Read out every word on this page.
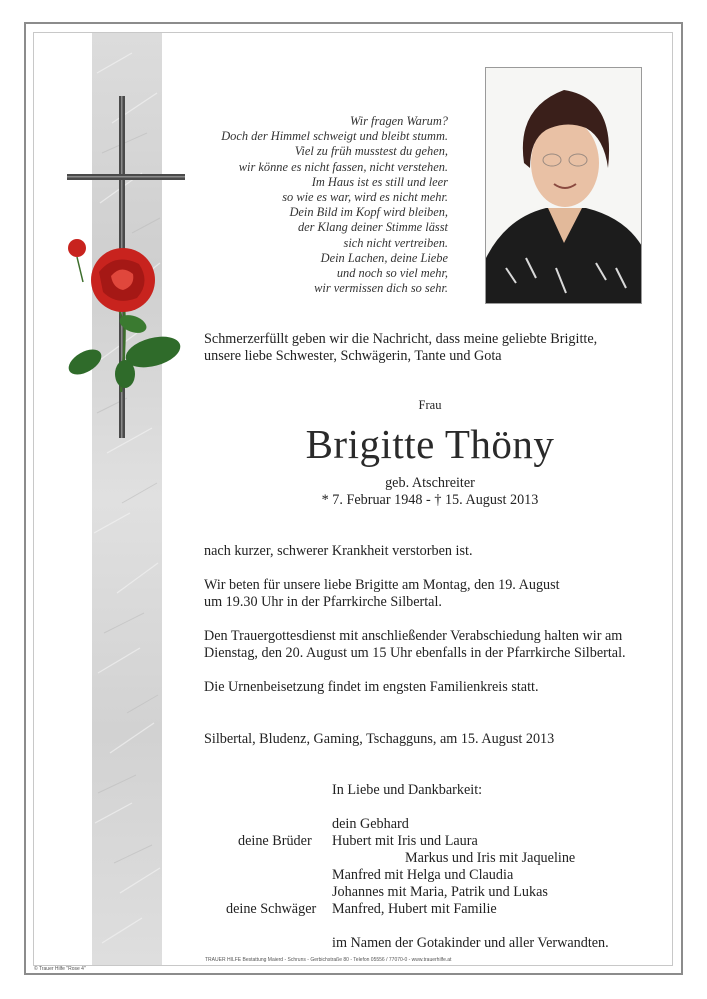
Wir fragen Warum?
Doch der Himmel schweigt und bleibt stumm.
Viel zu früh musstest du gehen,
wir könne es nicht fassen, nicht verstehen.
Im Haus ist es still und leer
so wie es war, wird es nicht mehr.
Dein Bild im Kopf wird bleiben,
der Klang deiner Stimme lässt
sich nicht vertreiben.
Dein Lachen, deine Liebe
und noch so viel mehr,
wir vermissen dich so sehr.
Schmerzerfüllt geben wir die Nachricht, dass meine geliebte Brigitte,
unsere liebe Schwester, Schwägerin, Tante und Gota
Frau
Brigitte Thöny
geb. Atschreiter
* 7. Februar 1948 - † 15. August 2013
nach kurzer, schwerer Krankheit verstorben ist.
Wir beten für unsere liebe Brigitte am Montag, den 19. August
um 19.30 Uhr in der Pfarrkirche Silbertal.
Den Trauergottesdienst mit anschließender Verabschiedung halten wir am
Dienstag, den 20. August um 15 Uhr ebenfalls in der Pfarrkirche Silbertal.
Die Urnenbeisetzung findet im engsten Familienkreis statt.
Silbertal, Bludenz, Gaming, Tschagguns, am 15. August 2013
In Liebe und Dankbarkeit:
dein Gebhard
deine Brüder Hubert mit Iris und Laura
Markus und Iris mit Jaqueline
Manfred mit Helga und Claudia
Johannes mit Maria, Patrik und Lukas
deine Schwäger Manfred, Hubert mit Familie
im Namen der Gotakinder und aller Verwandten.
TRAUER HILFE Bestattung Maierd - Schruns - Gerbichstraße 80 - Telefon 05556 / 77070-0 - www.trauerhilfe.at
© Trauer Hilfe "Rose 4"
